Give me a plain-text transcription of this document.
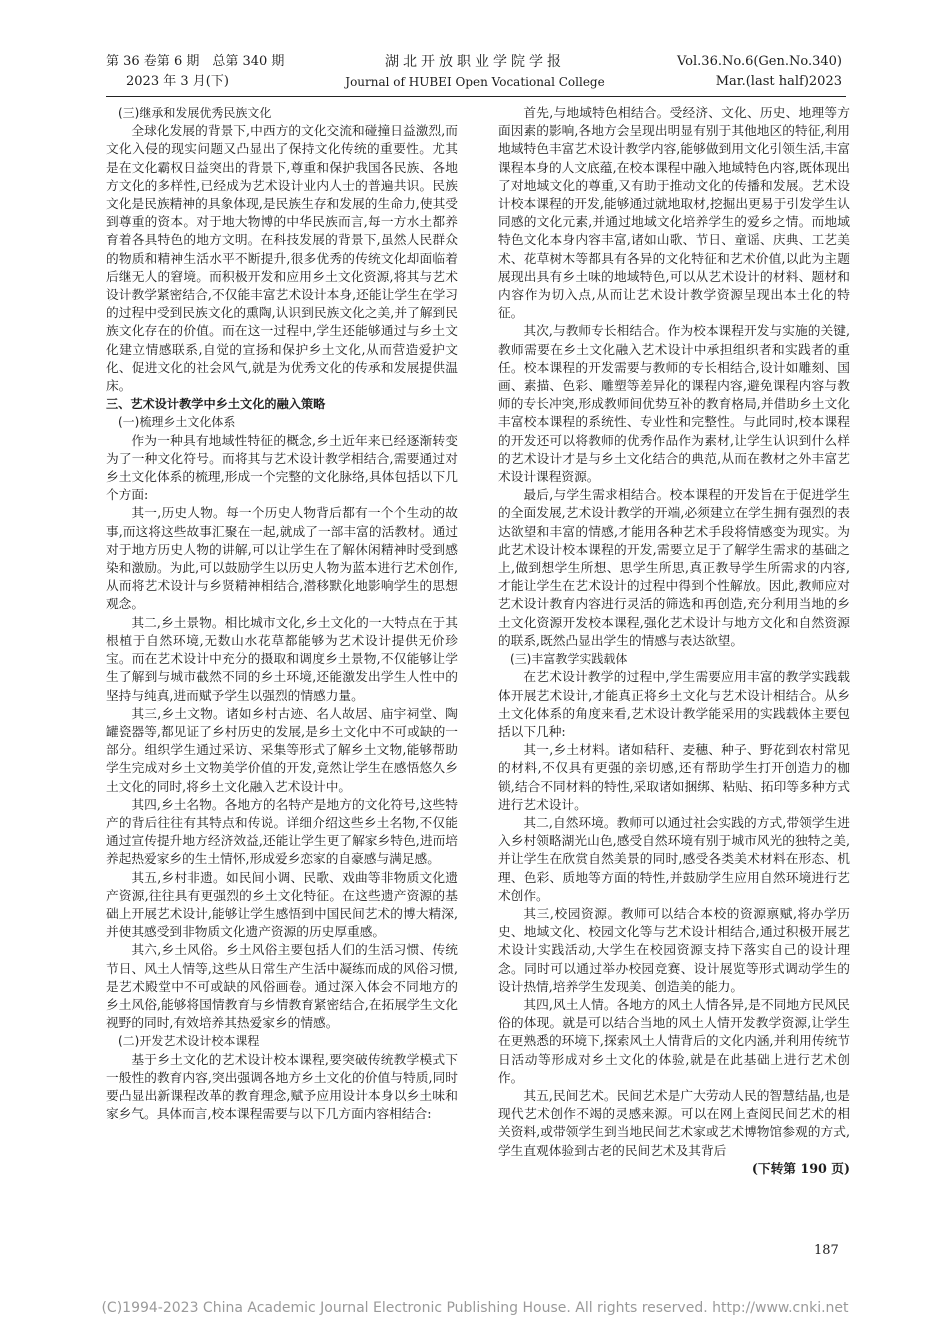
第 36 卷第 6 期　总第 340 期
2023 年 3 月(下)
湖北开放职业学院学报
Journal of HUBEI Open Vocational College
Vol.36.No.6(Gen.No.340)
Mar.(last half)2023

(三)继承和发展优秀民族文化

全球化发展的背景下,中西方的文化交流和碰撞日益激烈,而文化入侵的现实问题又凸显出了保持文化传统的重要性。尤其是在文化霸权日益突出的背景下,尊重和保护我国各民族、各地方文化的多样性,已经成为艺术设计业内人士的普遍共识。民族文化是民族精神的具象体现,是民族生存和发展的生命力,使其受到尊重的资本。对于地大物博的中华民族而言,每一方水土都养育着各具特色的地方文明。在科技发展的背景下,虽然人民群众的物质和精神生活水平不断提升,很多优秀的传统文化却面临着后继无人的窘境。而积极开发和应用乡土文化资源,将其与艺术设计教学紧密结合,不仅能丰富艺术设计本身,还能让学生在学习的过程中受到民族文化的熏陶,认识到民族文化之美,并了解到民族文化存在的价值。而在这一过程中,学生还能够通过与乡土文化建立情感联系,自觉的宣扬和保护乡土文化,从而营造爱护文化、促进文化的社会风气,就是为优秀文化的传承和发展提供温床。

三、艺术设计教学中乡土文化的融入策略

(一)梳理乡土文化体系

作为一种具有地域性特征的概念,乡土近年来已经逐渐转变为了一种文化符号。而将其与艺术设计教学相结合,需要通过对乡土文化体系的梳理,形成一个完整的文化脉络,具体包括以下几个方面:

其一,历史人物。每一个历史人物背后都有一个个生动的故事,而这将这些故事汇聚在一起,就成了一部丰富的活教材。通过对于地方历史人物的讲解,可以让学生在了解休闲精神时受到感染和激励。为此,可以鼓励学生以历史人物为蓝本进行艺术创作,从而将艺术设计与乡贤精神相结合,潜移默化地影响学生的思想观念。

其二,乡土景物。相比城市文化,乡土文化的一大特点在于其根植于自然环境,无数山水花草都能够为艺术设计提供无价珍宝。而在艺术设计中充分的摄取和调度乡土景物,不仅能够让学生了解到与城市截然不同的乡土环境,还能激发出学生人性中的坚持与纯真,进而赋予学生以强烈的情感力量。

其三,乡土文物。诸如乡村古迹、名人故居、庙宇祠堂、陶罐瓷器等,都见证了乡村历史的发展,是乡土文化中不可或缺的一部分。组织学生通过采访、采集等形式了解乡土文物,能够帮助学生完成对乡土文物美学价值的开发,竟然让学生在感悟悠久乡土文化的同时,将乡土文化融入艺术设计中。

其四,乡土名物。各地方的名特产是地方的文化符号,这些特产的背后往往有其特点和传说。详细介绍这些乡土名物,不仅能通过宣传提升地方经济效益,还能让学生更了解家乡特色,进而培养起热爱家乡的生土情怀,形成爱乡恋家的自豪感与满足感。

其五,乡村非遗。如民间小调、民歌、戏曲等非物质文化遗产资源,往往具有更强烈的乡土文化特征。在这些遗产资源的基础上开展艺术设计,能够让学生感悟到中国民间艺术的博大精深,并使其感受到非物质文化遗产资源的历史厚重感。

其六,乡土风俗。乡土风俗主要包括人们的生活习惯、传统节日、风土人情等,这些从日常生产生活中凝练而成的风俗习惯,是艺术殿堂中不可或缺的风俗画卷。通过深入体会不同地方的乡土风俗,能够将国情教育与乡情教育紧密结合,在拓展学生文化视野的同时,有效培养其热爱家乡的情感。

(二)开发艺术设计校本课程

基于乡土文化的艺术设计校本课程,要突破传统教学模式下一般性的教育内容,突出强调各地方乡土文化的价值与特质,同时要凸显出新课程改革的教育理念,赋予应用设计本身以乡土味和家乡气。具体而言,校本课程需要与以下几方面内容相结合:

首先,与地域特色相结合。受经济、文化、历史、地理等方面因素的影响,各地方会呈现出明显有别于其他地区的特征,利用地域特色丰富艺术设计教学内容,能够做到用文化引领生活,丰富课程本身的人文底蕴,在校本课程中融入地域特色内容,既体现出了对地域文化的尊重,又有助于推动文化的传播和发展。艺术设计校本课程的开发,能够通过就地取材,挖掘出更易于引发学生认同感的文化元素,并通过地域文化培养学生的爱乡之情。而地域特色文化本身内容丰富,诸如山歌、节日、童谣、庆典、工艺美术、花草树木等都具有各异的文化特征和艺术价值,以此为主题展现出具有乡土味的地域特色,可以从艺术设计的材料、题材和内容作为切入点,从而让艺术设计教学资源呈现出本土化的特征。

其次,与教师专长相结合。作为校本课程开发与实施的关键,教师需要在乡土文化融入艺术设计中承担组织者和实践者的重任。校本课程的开发需要与教师的专长相结合,设计如雕刻、国画、素描、色彩、雕塑等差异化的课程内容,避免课程内容与教师的专长冲突,形成教师间优势互补的教育格局,并借助乡土文化丰富校本课程的系统性、专业性和完整性。与此同时,校本课程的开发还可以将教师的优秀作品作为素材,让学生认识到什么样的艺术设计才是与乡土文化结合的典范,从而在教材之外丰富艺术设计课程资源。

最后,与学生需求相结合。校本课程的开发旨在于促进学生的全面发展,艺术设计教学的开端,必须建立在学生拥有强烈的表达欲望和丰富的情感,才能用各种艺术手段将情感变为现实。为此艺术设计校本课程的开发,需要立足于了解学生需求的基础之上,做到想学生所想、思学生所思,真正教导学生所需求的内容,才能让学生在艺术设计的过程中得到个性解放。因此,教师应对艺术设计教育内容进行灵活的筛选和再创造,充分利用当地的乡土文化资源开发校本课程,强化艺术设计与地方文化和自然资源的联系,既然凸显出学生的情感与表达欲望。

(三)丰富教学实践载体

在艺术设计教学的过程中,学生需要应用丰富的教学实践载体开展艺术设计,才能真正将乡土文化与艺术设计相结合。从乡土文化体系的角度来看,艺术设计教学能采用的实践载体主要包括以下几种:

其一,乡土材料。诸如秸秆、麦穗、种子、野花到农村常见的材料,不仅具有更强的亲切感,还有帮助学生打开创造力的枷锁,结合不同材料的特性,采取诸如捆绑、粘贴、拓印等多种方式进行艺术设计。

其二,自然环境。教师可以通过社会实践的方式,带领学生进入乡村领略湖光山色,感受自然环境有别于城市风光的独特之美,并让学生在欣赏自然美景的同时,感受各类美术材料在形态、机理、色彩、质地等方面的特性,并鼓励学生应用自然环境进行艺术创作。

其三,校园资源。教师可以结合本校的资源禀赋,将办学历史、地域文化、校园文化等与艺术设计相结合,通过积极开展艺术设计实践活动,大学生在校园资源支持下落实自己的设计理念。同时可以通过举办校园竞赛、设计展览等形式调动学生的设计热情,培养学生发现美、创造美的能力。

其四,风土人情。各地方的风土人情各异,是不同地方民风民俗的体现。就是可以结合当地的风土人情开发教学资源,让学生在更熟悉的环境下,探索风土人情背后的文化内涵,并利用传统节日活动等形成对乡土文化的体验,就是在此基础上进行艺术创作。

其五,民间艺术。民间艺术是广大劳动人民的智慧结晶,也是现代艺术创作不竭的灵感来源。可以在网上查阅民间艺术的相关资料,或带领学生到当地民间艺术家或艺术博物馆参观的方式,学生直观体验到古老的民间艺术及其背后

(下转第 190 页)

187
(C)1994-2023 China Academic Journal Electronic Publishing House. All rights reserved. http://www.cnki.net
